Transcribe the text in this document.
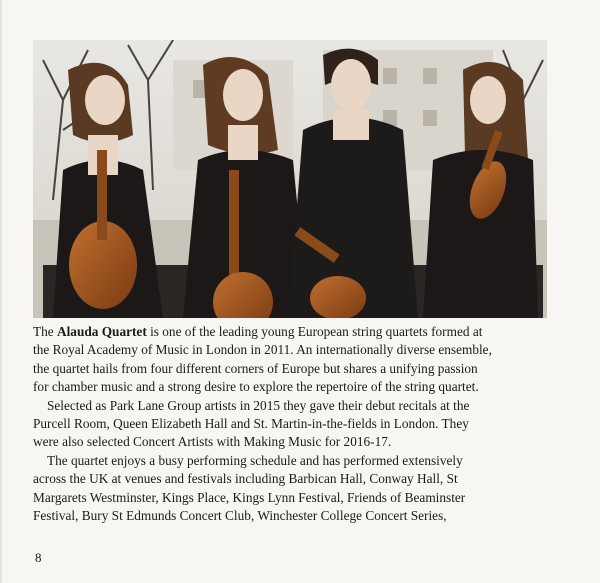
The Alauda Quartet is one of the leading young European string quartets formed at
the Royal Academy of Music in London in 2011. An internationally diverse ensemble,
the quartet hails from four different corners of Europe but shares a unifying passion
for chamber music and a strong desire to explore the repertoire of the string quartet.

Selected as Park Lane Group artists in 2015 they gave their debut recitals at the
Purcell Room, Queen Elizabeth Hall and St. Martin-in-the-fields in London. They
were also selected Concert Artists with Making Music for 2016-17.

The quartet enjoys a busy performing schedule and has performed extensively
across the UK at venues and festivals including Barbican Hall, Conway Hall, St
Margarets Westminster, Kings Place, Kings Lynn Festival, Friends of Beaminster
Festival, Bury St Edmunds Concert Club, Winchester College Concert Series,

8
